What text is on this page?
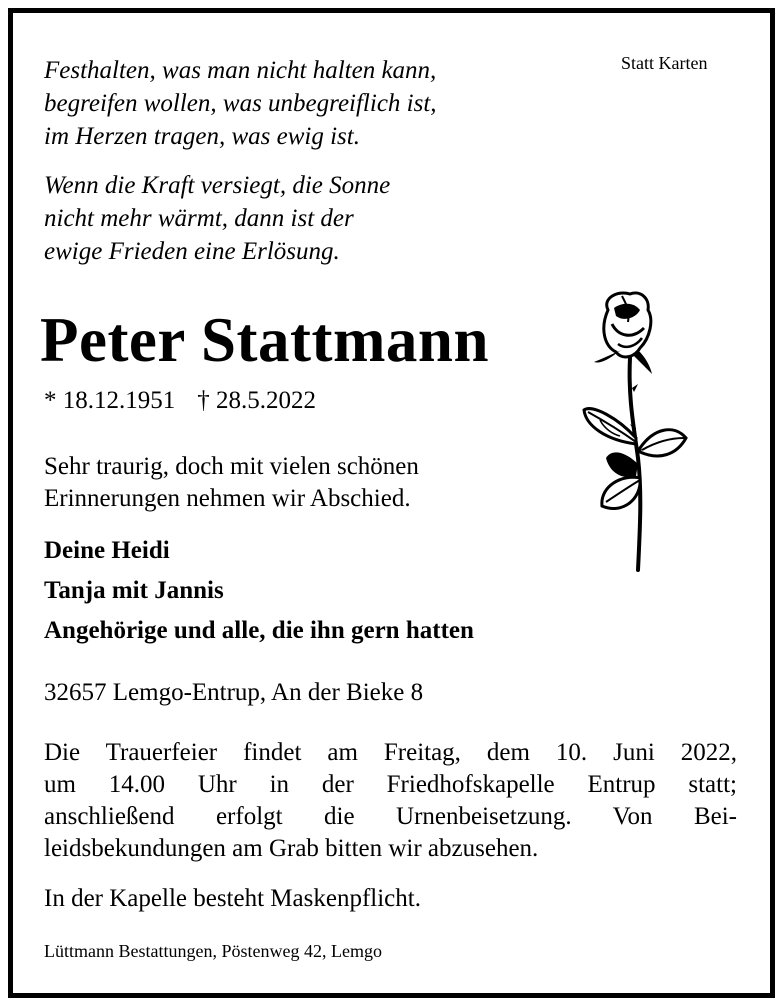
Festhalten, was man nicht halten kann,
begreifen wollen, was unbegreiflich ist,
im Herzen tragen, was ewig ist.
Wenn die Kraft versiegt, die Sonne
nicht mehr wärmt, dann ist der
ewige Frieden eine Erlösung.
Statt Karten
Peter Stattmann
* 18.12.1951 † 28.5.2022
Sehr traurig, doch mit vielen schönen
Erinnerungen nehmen wir Abschied.
Deine Heidi
Tanja mit Jannis
Angehörige und alle, die ihn gern hatten
32657 Lemgo-Entrup, An der Bieke 8
Die Trauerfeier findet am Freitag, dem 10. Juni 2022,
um 14.00 Uhr in der Friedhofskapelle Entrup statt;
anschließend erfolgt die Urnenbeisetzung. Von Bei-
leidsbekundungen am Grab bitten wir abzusehen.
In der Kapelle besteht Maskenpflicht.
Lüttmann Bestattungen, Pöstenweg 42, Lemgo
